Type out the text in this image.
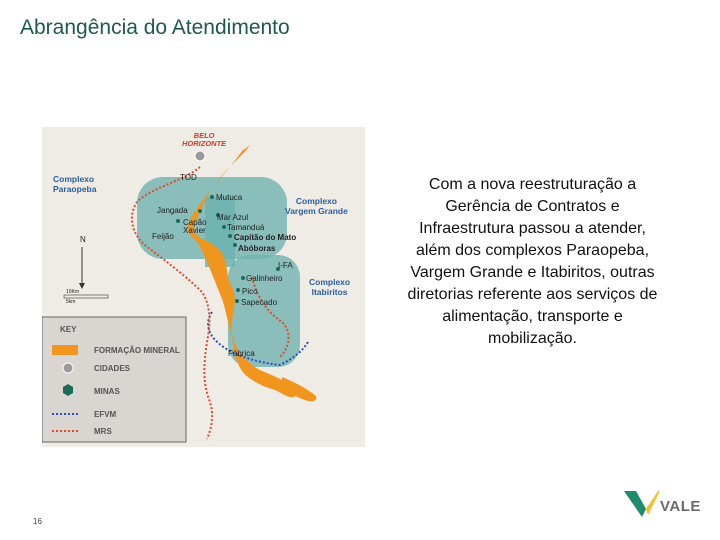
Abrangência do Atendimento
BELO
HORIZONTE
Complexo
Paraopeba
Complexo
Vargem Grande
Complexo
Itabiritos
TOD
Mutuca
Jangada
Mar Azul
Capão
Xavier	Tamanduá
Feijão	Capitão do Mato
Abóboras
I-FA
Galinheiro
Pico
Sapecado
Fábrica
N
10Km
5km
KEY
FORMAÇÃO MINERAL
CIDADES
MINAS
EFVM
MRS
Com a nova reestruturação a Gerência de Contratos e Infraestrutura passou a atender, além dos complexos Paraopeba, Vargem Grande e Itabiritos, outras diretorias referente aos serviços de alimentação, transporte e mobilização.
16
VALE
